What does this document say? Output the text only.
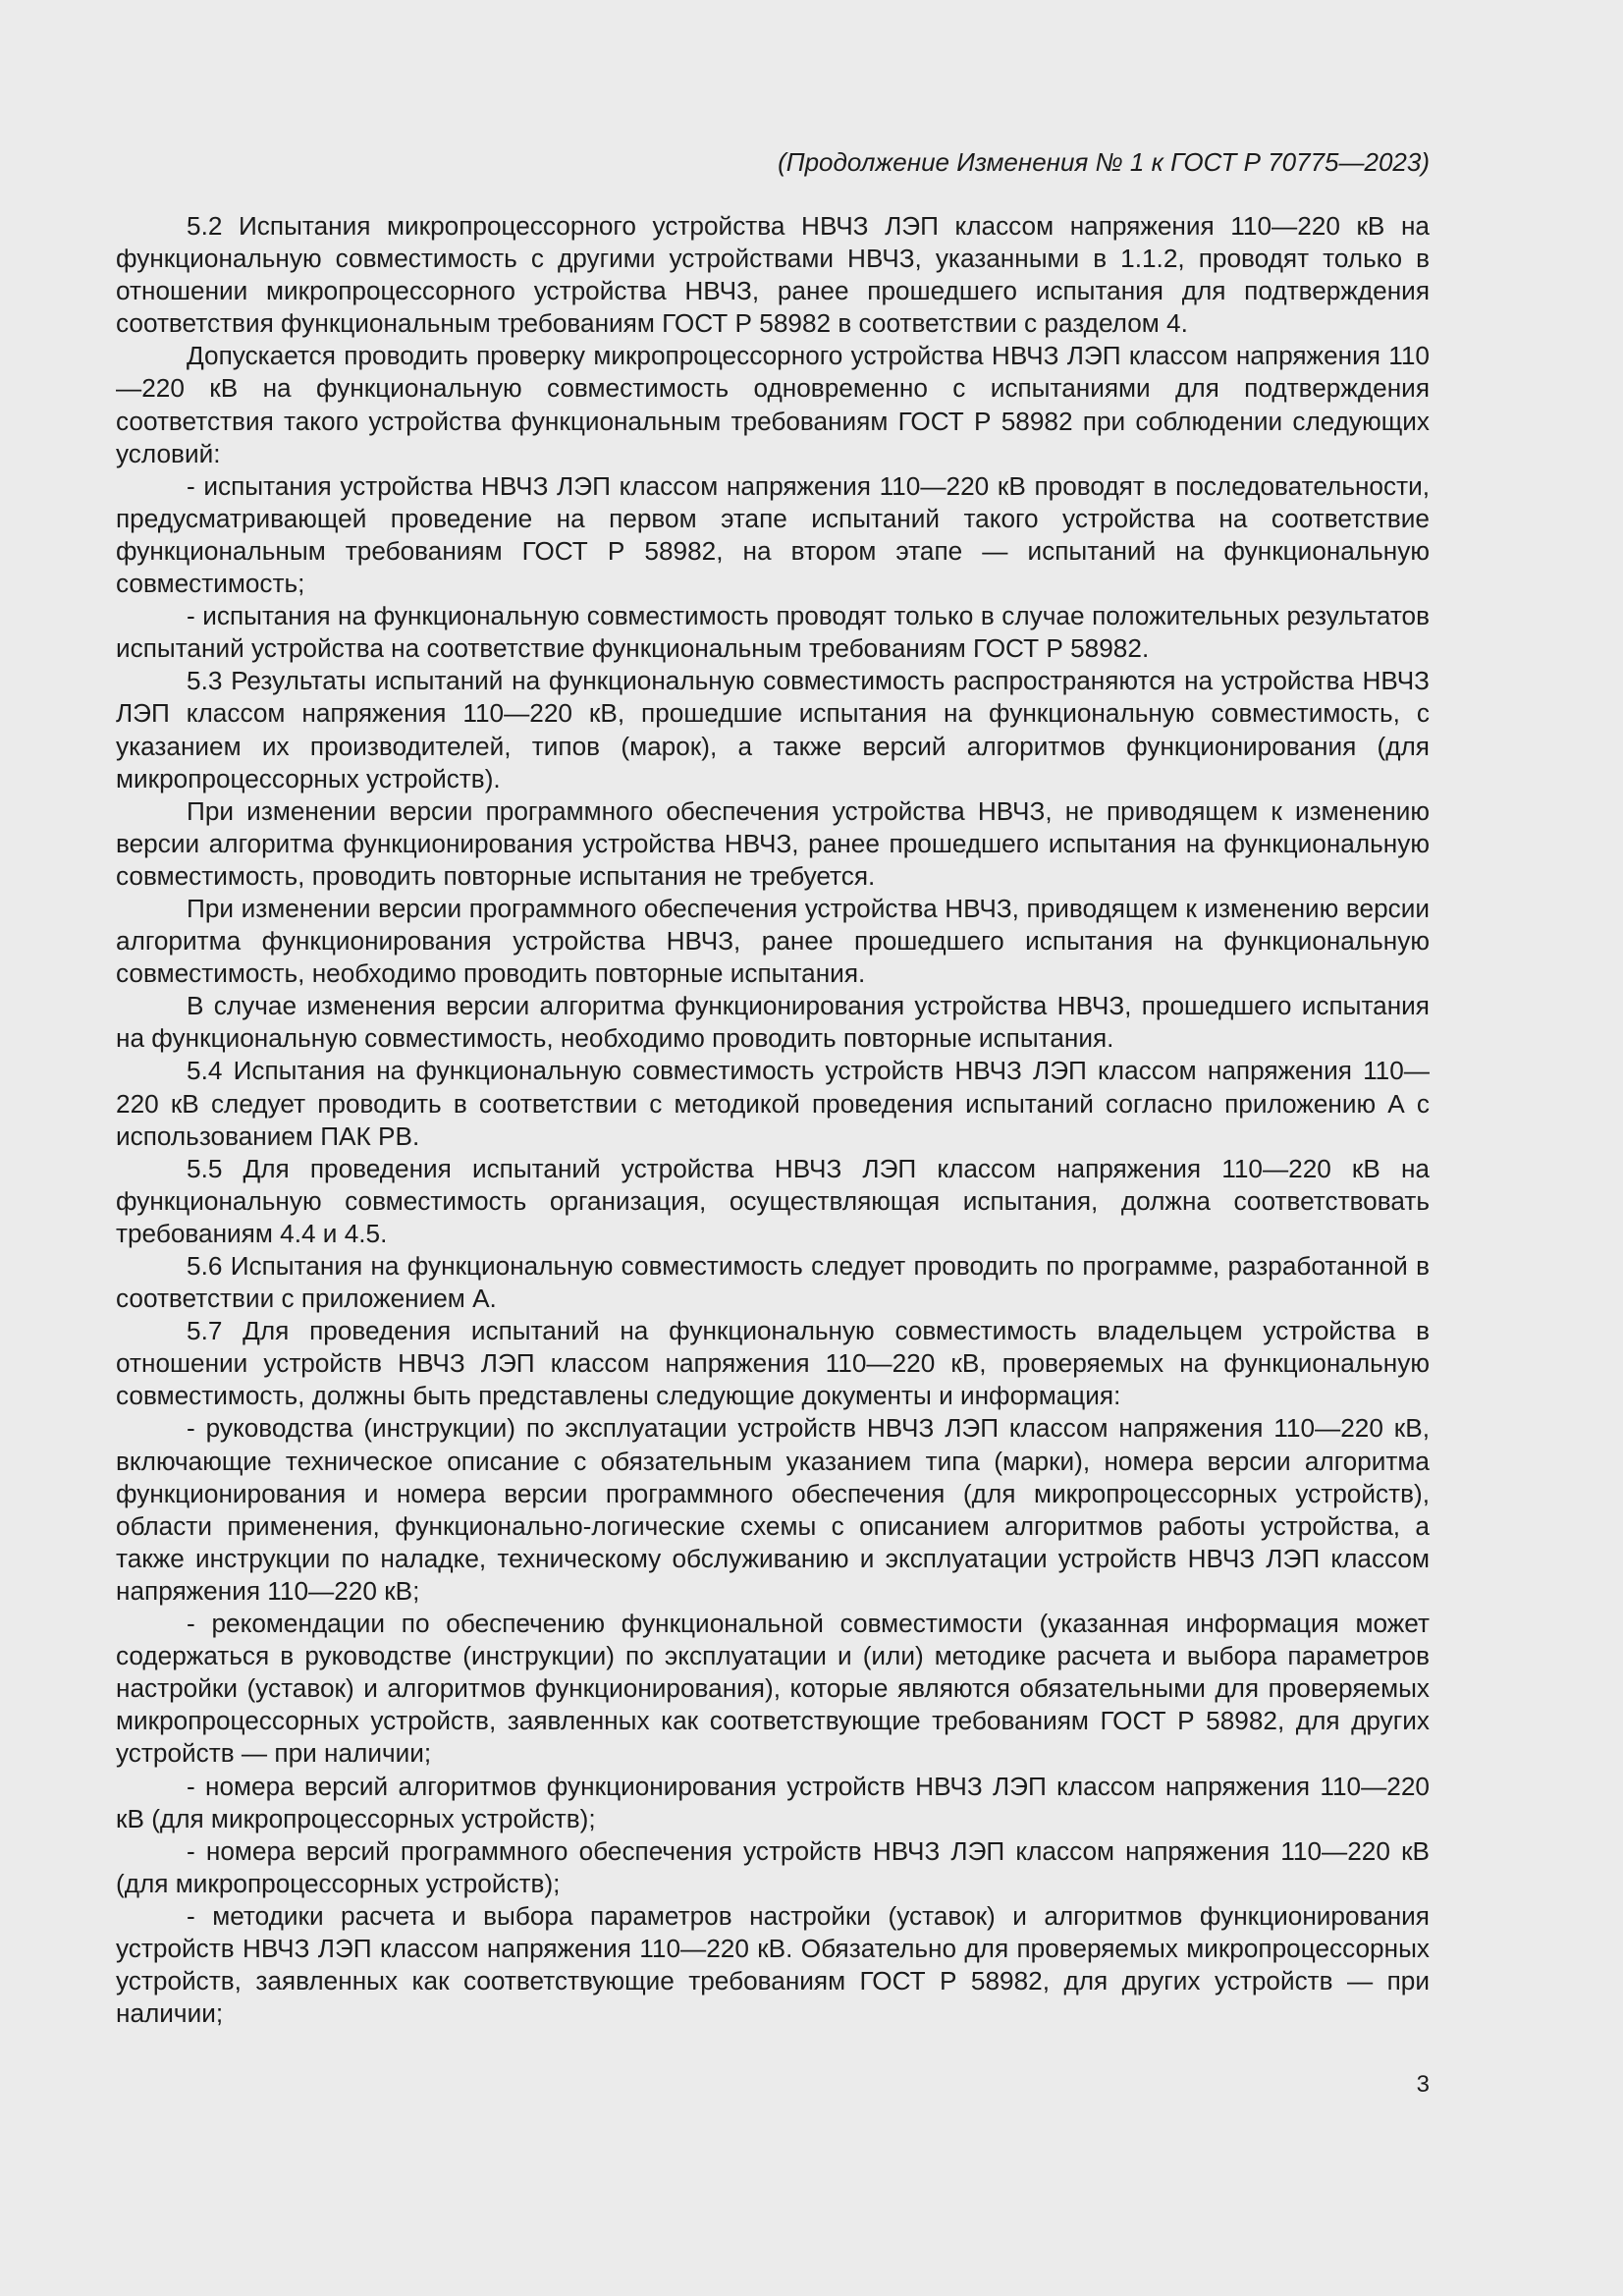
(Продолжение Изменения № 1 к ГОСТ Р 70775—2023)

5.2 Испытания микропроцессорного устройства НВЧЗ ЛЭП классом напряжения 110—220 кВ на функциональную совместимость с другими устройствами НВЧЗ, указанными в 1.1.2, проводят только в отношении микропроцессорного устройства НВЧЗ, ранее прошедшего испытания для подтверждения соответствия функциональным требованиям ГОСТ Р 58982 в соответствии с разделом 4.

Допускается проводить проверку микропроцессорного устройства НВЧЗ ЛЭП классом напряжения 110—220 кВ на функциональную совместимость одновременно с испытаниями для подтверждения соответствия такого устройства функциональным требованиям ГОСТ Р 58982 при соблюдении следующих условий:

- испытания устройства НВЧЗ ЛЭП классом напряжения 110—220 кВ проводят в последовательности, предусматривающей проведение на первом этапе испытаний такого устройства на соответствие функциональным требованиям ГОСТ Р 58982, на втором этапе — испытаний на функциональную совместимость;

- испытания на функциональную совместимость проводят только в случае положительных результатов испытаний устройства на соответствие функциональным требованиям ГОСТ Р 58982.

5.3 Результаты испытаний на функциональную совместимость распространяются на устройства НВЧЗ ЛЭП классом напряжения 110—220 кВ, прошедшие испытания на функциональную совместимость, с указанием их производителей, типов (марок), а также версий алгоритмов функционирования (для микропроцессорных устройств).

При изменении версии программного обеспечения устройства НВЧЗ, не приводящем к изменению версии алгоритма функционирования устройства НВЧЗ, ранее прошедшего испытания на функциональную совместимость, проводить повторные испытания не требуется.

При изменении версии программного обеспечения устройства НВЧЗ, приводящем к изменению версии алгоритма функционирования устройства НВЧЗ, ранее прошедшего испытания на функциональную совместимость, необходимо проводить повторные испытания.

В случае изменения версии алгоритма функционирования устройства НВЧЗ, прошедшего испытания на функциональную совместимость, необходимо проводить повторные испытания.

5.4 Испытания на функциональную совместимость устройств НВЧЗ ЛЭП классом напряжения 110—220 кВ следует проводить в соответствии с методикой проведения испытаний согласно приложению А с использованием ПАК РВ.

5.5 Для проведения испытаний устройства НВЧЗ ЛЭП классом напряжения 110—220 кВ на функциональную совместимость организация, осуществляющая испытания, должна соответствовать требованиям 4.4 и 4.5.

5.6 Испытания на функциональную совместимость следует проводить по программе, разработанной в соответствии с приложением А.

5.7 Для проведения испытаний на функциональную совместимость владельцем устройства в отношении устройств НВЧЗ ЛЭП классом напряжения 110—220 кВ, проверяемых на функциональную совместимость, должны быть представлены следующие документы и информация:

- руководства (инструкции) по эксплуатации устройств НВЧЗ ЛЭП классом напряжения 110—220 кВ, включающие техническое описание с обязательным указанием типа (марки), номера версии алгоритма функционирования и номера версии программного обеспечения (для микропроцессорных устройств), области применения, функционально-логические схемы с описанием алгоритмов работы устройства, а также инструкции по наладке, техническому обслуживанию и эксплуатации устройств НВЧЗ ЛЭП классом напряжения 110—220 кВ;

- рекомендации по обеспечению функциональной совместимости (указанная информация может содержаться в руководстве (инструкции) по эксплуатации и (или) методике расчета и выбора параметров настройки (уставок) и алгоритмов функционирования), которые являются обязательными для проверяемых микропроцессорных устройств, заявленных как соответствующие требованиям ГОСТ Р 58982, для других устройств — при наличии;

- номера версий алгоритмов функционирования устройств НВЧЗ ЛЭП классом напряжения 110—220 кВ (для микропроцессорных устройств);

- номера версий программного обеспечения устройств НВЧЗ ЛЭП классом напряжения 110—220 кВ (для микропроцессорных устройств);

- методики расчета и выбора параметров настройки (уставок) и алгоритмов функционирования устройств НВЧЗ ЛЭП классом напряжения 110—220 кВ. Обязательно для проверяемых микропроцессорных устройств, заявленных как соответствующие требованиям ГОСТ Р 58982, для других устройств — при наличии;

3
